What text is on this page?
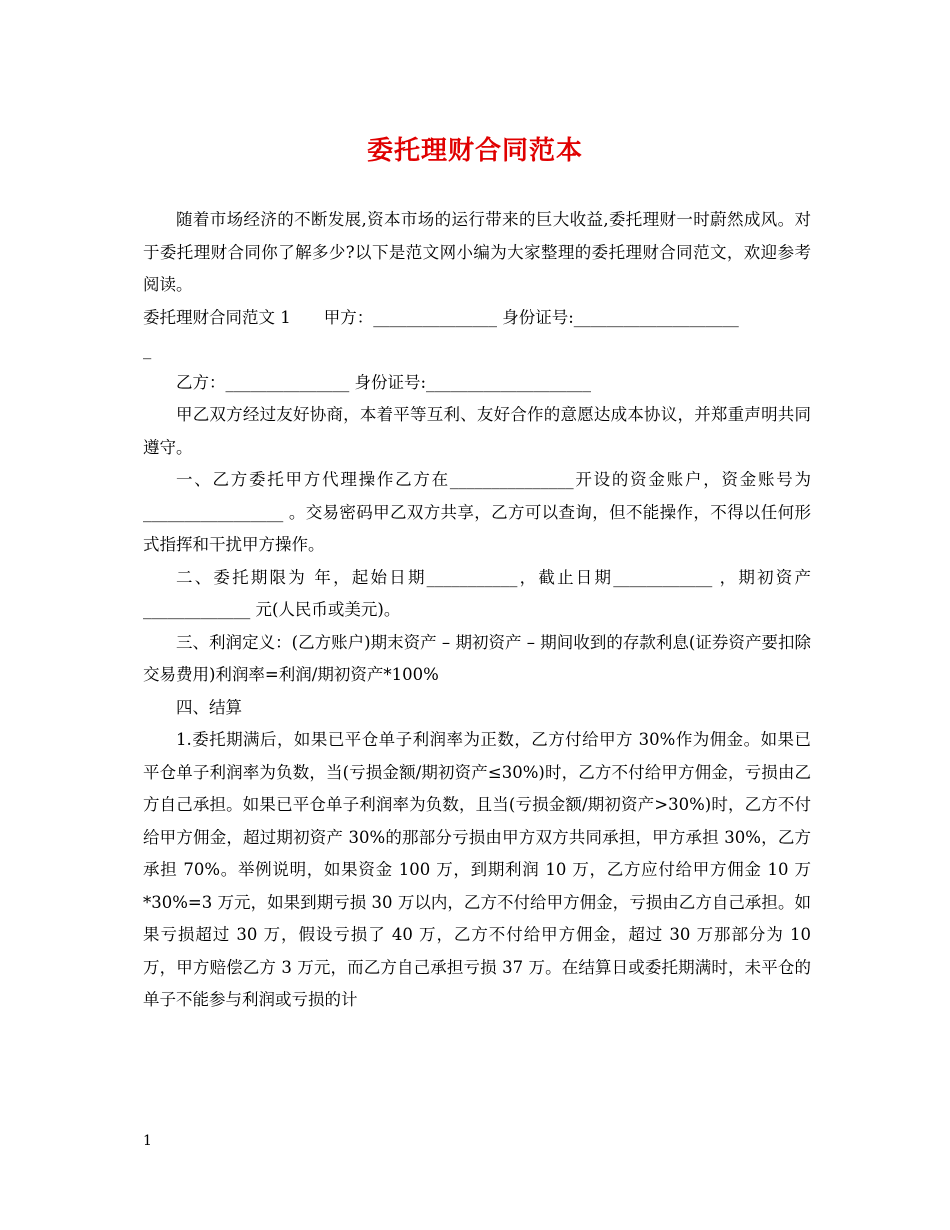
委托理财合同范本

随着市场经济的不断发展,资本市场的运行带来的巨大收益,委托理财一时蔚然成风。对于委托理财合同你了解多少?以下是范文网小编为大家整理的委托理财合同范文，欢迎参考阅读。

委托理财合同范文 1　　甲方：_______________ 身份证号:____________________

_

乙方：_______________ 身份证号:____________________

甲乙双方经过友好协商，本着平等互利、友好合作的意愿达成本协议，并郑重声明共同遵守。

一、乙方委托甲方代理操作乙方在_______________开设的资金账户，资金账号为_________________ 。交易密码甲乙双方共享，乙方可以查询，但不能操作，不得以任何形式指挥和干扰甲方操作。

二、委托期限为 年，起始日期___________，截止日期____________ ，期初资产_____________ 元(人民币或美元)。

三、利润定义：(乙方账户)期末资产 – 期初资产 – 期间收到的存款利息(证券资产要扣除交易费用)利润率=利润/期初资产*100%

四、结算

1.委托期满后，如果已平仓单子利润率为正数，乙方付给甲方 30%作为佣金。如果已平仓单子利润率为负数，当(亏损金额/期初资产≤30%)时，乙方不付给甲方佣金，亏损由乙方自己承担。如果已平仓单子利润率为负数，且当(亏损金额/期初资产>30%)时，乙方不付给甲方佣金，超过期初资产 30%的那部分亏损由甲方双方共同承担，甲方承担 30%，乙方承担 70%。举例说明，如果资金 100 万，到期利润 10 万，乙方应付给甲方佣金 10 万*30%=3 万元，如果到期亏损 30 万以内，乙方不付给甲方佣金，亏损由乙方自己承担。如果亏损超过 30 万，假设亏损了 40 万，乙方不付给甲方佣金，超过 30 万那部分为 10 万，甲方赔偿乙方 3 万元，而乙方自己承担亏损 37 万。在结算日或委托期满时，未平仓的单子不能参与利润或亏损的计

1
